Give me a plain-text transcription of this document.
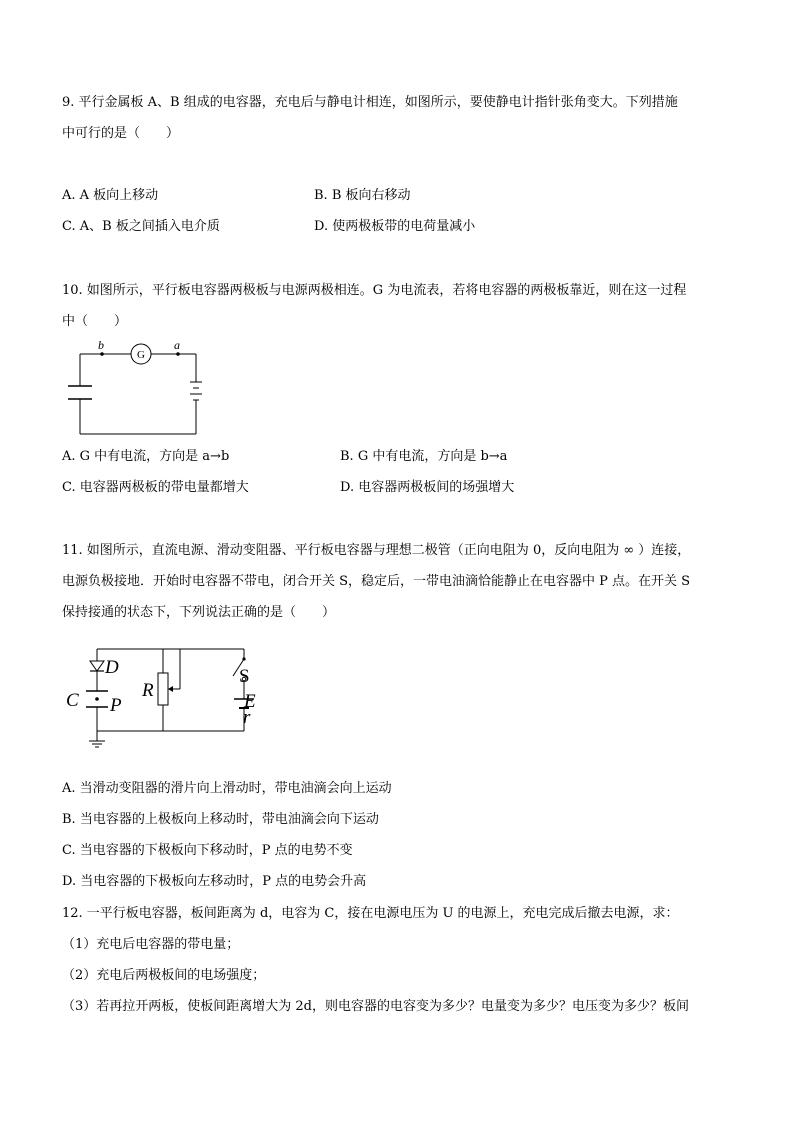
9. 平行金属板 A、B 组成的电容器，充电后与静电计相连，如图所示，要使静电计指针张角变大。下列措施
中可行的是（　　）
A. A 板向上移动	B. B 板向右移动
C. A、B 板之间插入电介质	D. 使两极板带的电荷量减小
10. 如图所示，平行板电容器两极板与电源两极相连。G 为电流表，若将电容器的两极板靠近，则在这一过程
中（　　）
b	a
G
A. G 中有电流，方向是 a→b	B. G 中有电流，方向是 b→a
C. 电容器两极板的带电量都增大	D. 电容器两极板间的场强增大
11. 如图所示，直流电源、滑动变阻器、平行板电容器与理想二极管（正向电阻为 0，反向电阻为 ∞ ）连接，
电源负极接地．开始时电容器不带电，闭合开关 S，稳定后，一带电油滴恰能静止在电容器中 P 点。在开关 S
保持接通的状态下，下列说法正确的是（　　）
D
C P
R
S
E
r
A. 当滑动变阻器的滑片向上滑动时，带电油滴会向上运动
B. 当电容器的上极板向上移动时，带电油滴会向下运动
C. 当电容器的下极板向下移动时，P 点的电势不变
D. 当电容器的下极板向左移动时，P 点的电势会升高
12. 一平行板电容器，板间距离为 d，电容为 C，接在电源电压为 U 的电源上，充电完成后撤去电源，求：
（1）充电后电容器的带电量；
（2）充电后两极板间的电场强度；
（3）若再拉开两板，使板间距离增大为 2d，则电容器的电容变为多少？电量变为多少？电压变为多少？板间
